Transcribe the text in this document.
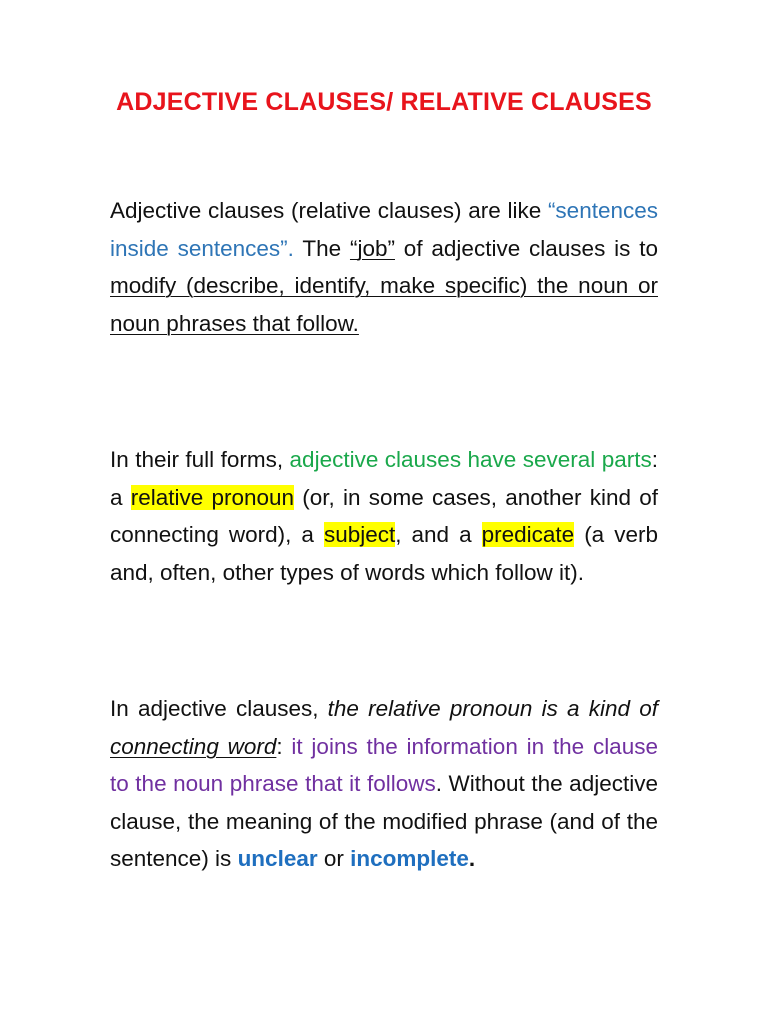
ADJECTIVE CLAUSES/ RELATIVE CLAUSES

Adjective clauses (relative clauses) are like “sentences inside sentences”. The “job” of adjective clauses is to modify (describe, identify, make specific) the noun or noun phrases that follow.

In their full forms, adjective clauses have several parts: a relative pronoun (or, in some cases, another kind of connecting word), a subject, and a predicate (a verb and, often, other types of words which follow it).

In adjective clauses, the relative pronoun is a kind of connecting word: it joins the information in the clause to the noun phrase that it follows. Without the adjective clause, the meaning of the modified phrase (and of the sentence) is unclear or incomplete.
